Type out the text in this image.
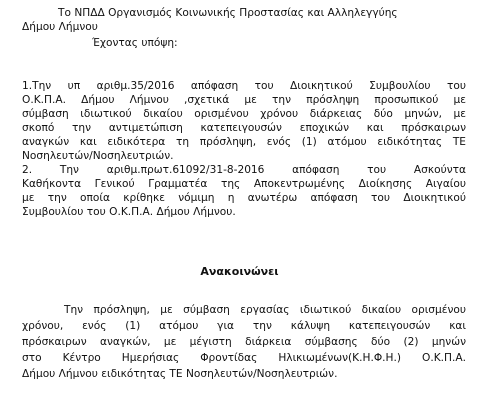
Το ΝΠΔΔ Οργανισμός Κοινωνικής Προστασίας και Αλληλεγγύης
Δήμου Λήμνου
Έχοντας υπόψη:
1.Την υπ αριθμ.35/2016 απόφαση του Διοικητικού Συμβουλίου του
Ο.Κ.Π.Α. Δήμου Λήμνου ,σχετικά με την πρόσληψη προσωπικού με
σύμβαση ιδιωτικού δικαίου ορισμένου χρόνου διάρκειας δύο μηνών, με
σκοπό την αντιμετώπιση κατεπειγουσών εποχικών και πρόσκαιρων
αναγκών και ειδικότερα τη πρόσληψη, ενός (1) ατόμου ειδικότητας ΤΕ
Νοσηλευτών/Νοσηλευτριών.
2. Την αριθμ.πρωτ.61092/31-8-2016 απόφαση του Ασκούντα
Καθήκοντα Γενικού Γραμματέα της Αποκεντρωμένης Διοίκησης Αιγαίου
με την οποία κρίθηκε νόμιμη η ανωτέρω απόφαση του Διοικητικού
Συμβουλίου του Ο.Κ.Π.Α. Δήμου Λήμνου.
Ανακοινώνει
Την πρόσληψη, με σύμβαση εργασίας ιδιωτικού δικαίου ορισμένου
χρόνου, ενός (1) ατόμου για την κάλυψη κατεπειγουσών και
πρόσκαιρων αναγκών, με μέγιστη διάρκεια σύμβασης δύο (2) μηνών
στο Κέντρο Ημερήσιας Φροντίδας Ηλικιωμένων(Κ.Η.Φ.Η.) Ο.Κ.Π.Α.
Δήμου Λήμνου ειδικότητας ΤΕ Νοσηλευτών/Νοσηλευτριών.
